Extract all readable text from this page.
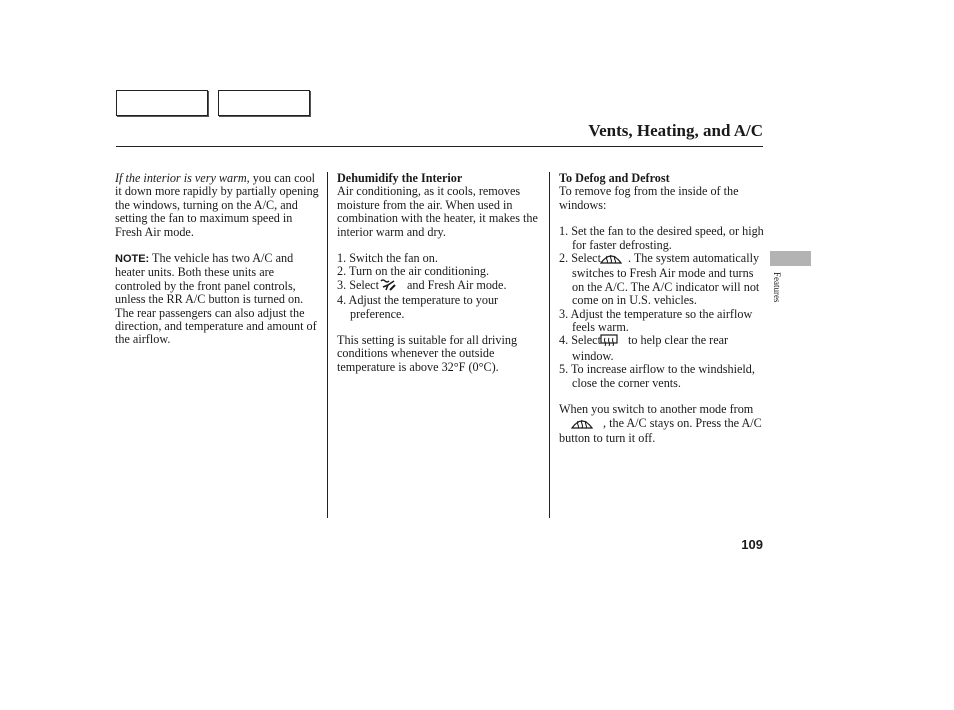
Vents, Heating, and A/C

If the interior is very warm, you can cool it down more rapidly by partially opening the windows, turning on the A/C, and setting the fan to maximum speed in Fresh Air mode.

NOTE: The vehicle has two A/C and heater units. Both these units are controled by the front panel controls, unless the RR A/C button is turned on. The rear passengers can also adjust the direction, and temperature and amount of the airflow.

Dehumidify the Interior

Air conditioning, as it cools, removes moisture from the air. When used in combination with the heater, it makes the interior warm and dry.

1. Switch the fan on.
2. Turn on the air conditioning.
3. Select and Fresh Air mode.
4. Adjust the temperature to your preference.

This setting is suitable for all driving conditions whenever the outside temperature is above 32°F (0°C).

To Defog and Defrost

To remove fog from the inside of the windows:

1. Set the fan to the desired speed, or high for faster defrosting.
2. Select . The system automatically switches to Fresh Air mode and turns on the A/C. The A/C indicator will not come on in U.S. vehicles.
3. Adjust the temperature so the airflow feels warm.
4. Select to help clear the rear window.
5. To increase airflow to the windshield, close the corner vents.

When you switch to another mode from, the A/C stays on. Press the A/C button to turn it off.

Features
109
